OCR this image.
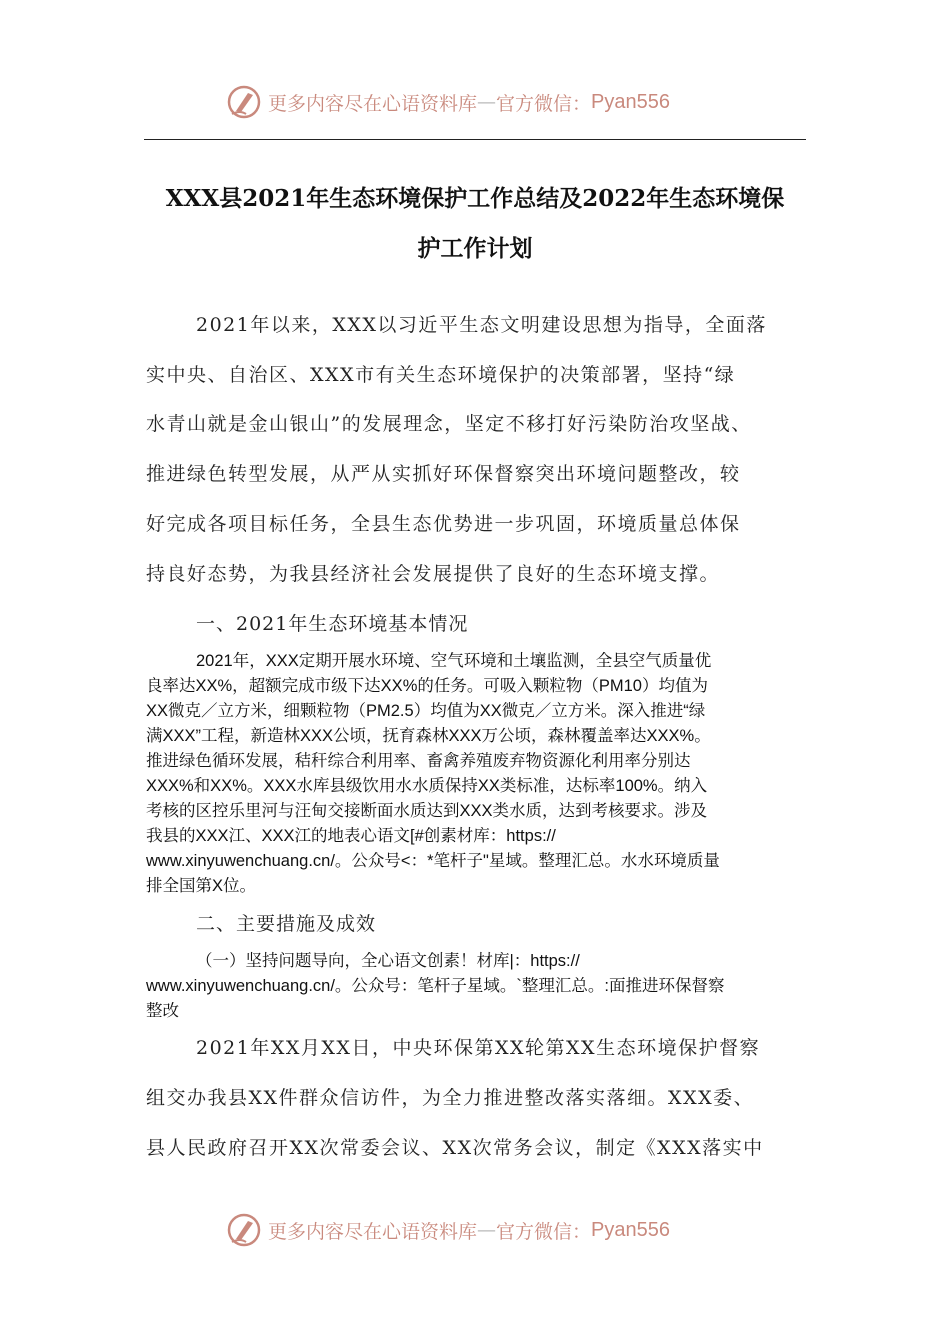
更多内容尽在心语资料库 — 官方微信： Pyan556
XXX县2021年生态环境保护工作总结及2022年生态环境保
护工作计划
2021年以来，XXX以习近平生态文明建设思想为指导，全面落
实中央、自治区、XXX市有关生态环境保护的决策部署，坚持“绿
水青山就是金山银山”的发展理念，坚定不移打好污染防治攻坚战、
推进绿色转型发展，从严从实抓好环保督察突出环境问题整改，较
好完成各项目标任务，全县生态优势进一步巩固，环境质量总体保
持良好态势，为我县经济社会发展提供了良好的生态环境支撑。
一、2021年生态环境基本情况
2021年，XXX定期开展水环境、空气环境和土壤监测，全县空气质量优
良率达XX%，超额完成市级下达XX%的任务。可吸入颗粒物（PM10）均值为
XX微克／立方米，细颗粒物（PM2.5）均值为XX微克／立方米。深入推进“绿
满XXX”工程，新造林XXX公顷，抚育森林XXX万公顷，森林覆盖率达XXX%。
推进绿色循环发展，秸秆综合利用率、畜禽养殖废弃物资源化利用率分别达
XXX%和XX%。XXX水库县级饮用水水质保持XX类标准，达标率100%。纳入
考核的区控乐里河与汪甸交接断面水质达到XXX类水质，达到考核要求。涉及
我县的XXX江、XXX江的地表心语文[#创素材库：https://
www.xinyuwenchuang.cn/。公众号<：*笔杆子"星域。整理汇总。水水环境质量
排全国第X位。
二、主要措施及成效
（一）坚持问题导向，全心语文创素！材库|：https://
www.xinyuwenchuang.cn/。公众号：笔杆子星域。`整理汇总。:面推进环保督察
整改
2021年XX月XX日，中央环保第XX轮第XX生态环境保护督察
组交办我县XX件群众信访件，为全力推进整改落实落细。XXX委、
县人民政府召开XX次常委会议、XX次常务会议，制定《XXX落实中
更多内容尽在心语资料库 — 官方微信： Pyan556
